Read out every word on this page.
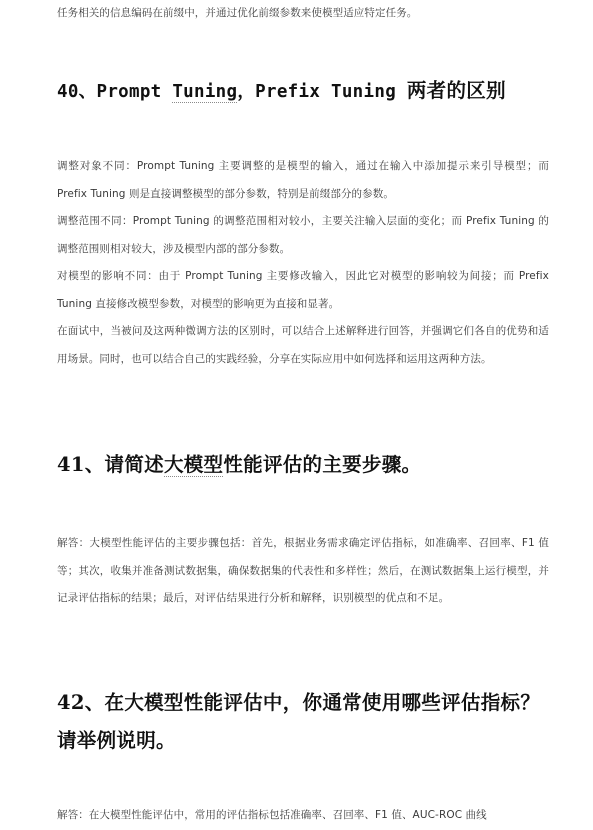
任务相关的信息编码在前缀中，并通过优化前缀参数来使模型适应特定任务。

40、Prompt Tuning，Prefix Tuning 两者的区别

调整对象不同：Prompt Tuning 主要调整的是模型的输入，通过在输入中添加提示来引导模型；而 Prefix Tuning 则是直接调整模型的部分参数，特别是前缀部分的参数。

调整范围不同：Prompt Tuning 的调整范围相对较小，主要关注输入层面的变化；而 Prefix Tuning 的调整范围则相对较大，涉及模型内部的部分参数。

对模型的影响不同：由于 Prompt Tuning 主要修改输入，因此它对模型的影响较为间接；而 Prefix Tuning 直接修改模型参数，对模型的影响更为直接和显著。

在面试中，当被问及这两种微调方法的区别时，可以结合上述解释进行回答，并强调它们各自的优势和适用场景。同时，也可以结合自己的实践经验，分享在实际应用中如何选择和运用这两种方法。

41、请简述大模型性能评估的主要步骤。

解答：大模型性能评估的主要步骤包括：首先，根据业务需求确定评估指标，如准确率、召回率、F1 值等；其次，收集并准备测试数据集，确保数据集的代表性和多样性；然后，在测试数据集上运行模型，并记录评估指标的结果；最后，对评估结果进行分析和解释，识别模型的优点和不足。

42、在大模型性能评估中，你通常使用哪些评估指标？请举例说明。

解答：在大模型性能评估中，常用的评估指标包括准确率、召回率、F1 值、AUC-ROC 曲线
